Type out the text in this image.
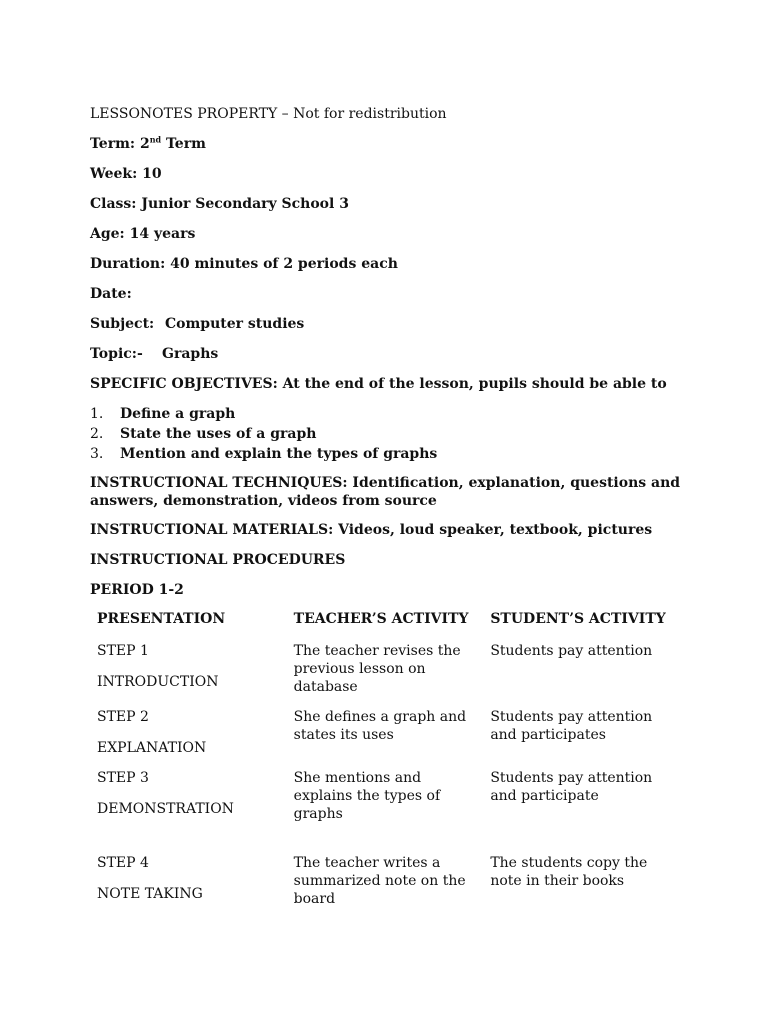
LESSONOTES PROPERTY – Not for redistribution

Term: 2nd Term

Week: 10

Class: Junior Secondary School 3

Age: 14 years

Duration: 40 minutes of 2 periods each

Date:

Subject: Computer studies

Topic:- Graphs

SPECIFIC OBJECTIVES: At the end of the lesson, pupils should be able to

1.	Define a graph
2.	State the uses of a graph
3.	Mention and explain the types of graphs

INSTRUCTIONAL TECHNIQUES: Identification, explanation, questions and answers, demonstration, videos from source

INSTRUCTIONAL MATERIALS: Videos, loud speaker, textbook, pictures

INSTRUCTIONAL PROCEDURES

PERIOD 1-2

PRESENTATION	TEACHER’S ACTIVITY	STUDENT’S ACTIVITY
STEP 1
INTRODUCTION	The teacher revises the previous lesson on database	Students pay attention
STEP 2
EXPLANATION	She defines a graph and states its uses	Students pay attention and participates
STEP 3
DEMONSTRATION	She mentions and explains the types of graphs	Students pay attention and participate
STEP 4
NOTE TAKING	The teacher writes a summarized note on the board	The students copy the note in their books
